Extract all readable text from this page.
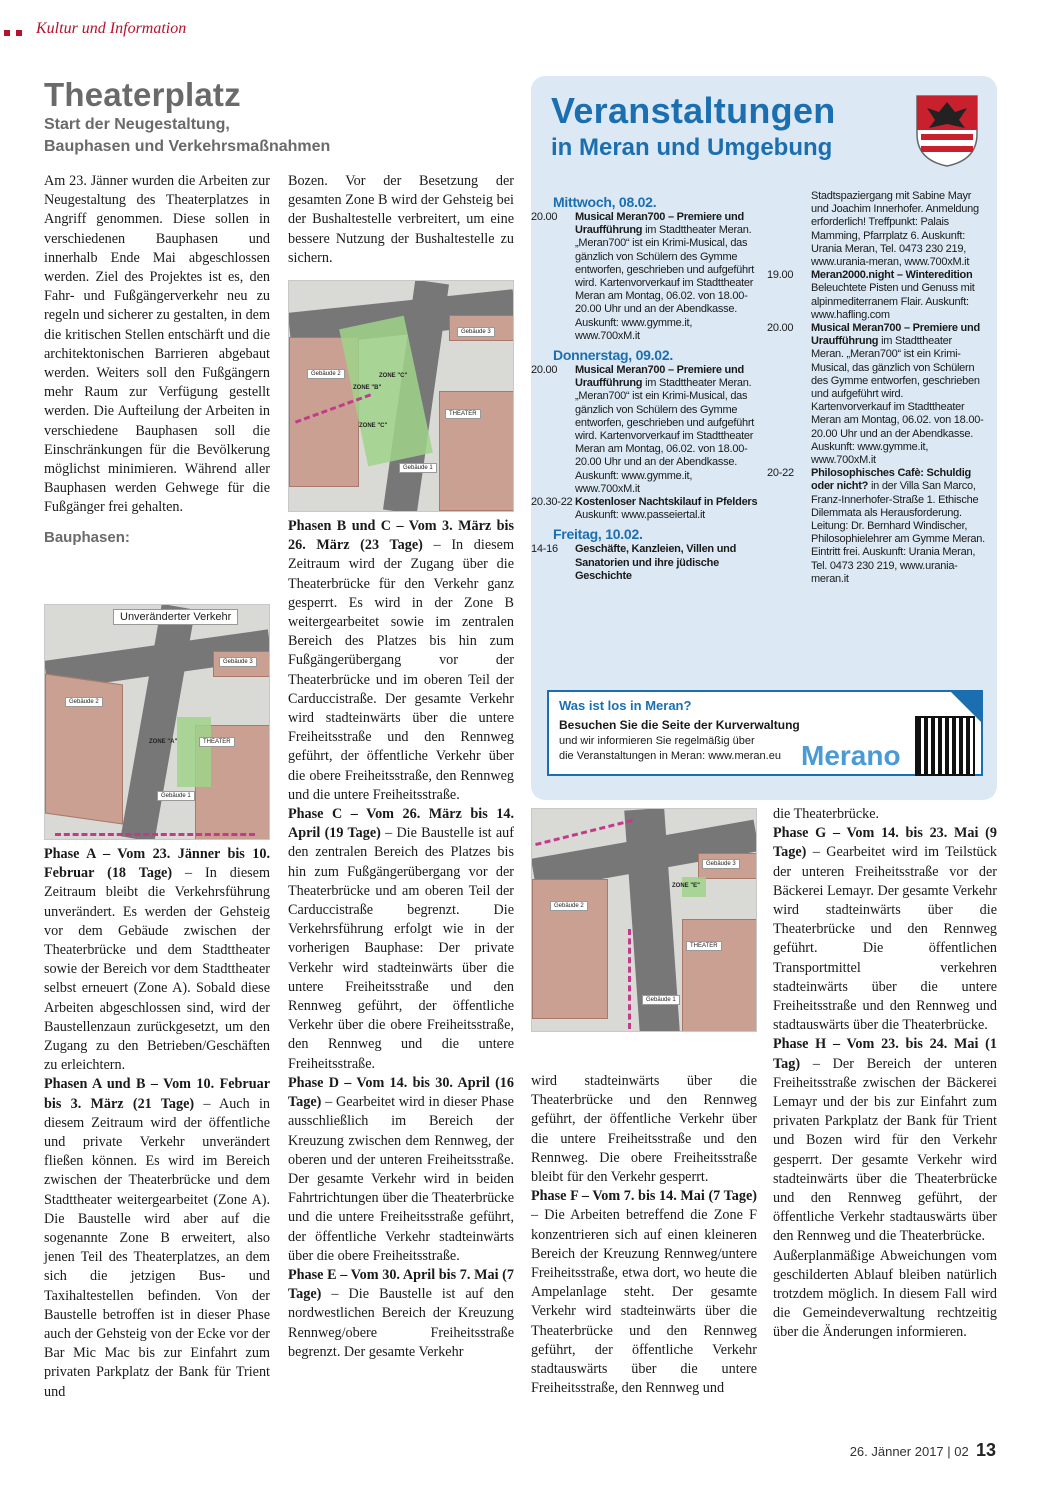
Kultur und Information
Theaterplatz
Start der Neugestaltung,
Bauphasen und Verkehrsmaßnahmen

Am 23. Jänner wurden die Arbeiten zur Neugestaltung des Theaterplatzes in Angriff genommen. Diese sollen in verschiedenen Bauphasen und innerhalb Ende Mai abgeschlossen werden. Ziel des Projektes ist es, den Fahr- und Fußgängerverkehr neu zu regeln und sicherer zu gestalten, in dem die kritischen Stellen entschärft und die architektonischen Barrieren abgebaut werden. Weiters soll den Fußgängern mehr Raum zur Verfügung gestellt werden. Die Aufteilung der Arbeiten in verschiedene Bauphasen soll die Einschränkungen für die Bevölkerung möglichst minimieren. Während aller Bauphasen werden Gehwege für die Fußgänger frei gehalten.

Bauphasen:
Unveränderter Verkehr
Gebäude 3
Gebäude 2
ZONE "A"	THEATER
Gebäude 1

Phase A – Vom 23. Jänner bis 10. Februar (18 Tage) – In diesem Zeitraum bleibt die Verkehrsführung unverändert. Es werden der Gehsteig vor dem Gebäude zwischen der Theaterbrücke und dem Stadttheater sowie der Bereich vor dem Stadttheater selbst erneuert (Zone A). Sobald diese Arbeiten abgeschlossen sind, wird der Baustellenzaun zurückgesetzt, um den Zugang zu den Betrieben/Geschäften zu erleichtern.

Phasen A und B – Vom 10. Februar bis 3. März (21 Tage) – Auch in diesem Zeitraum wird der öffentliche und private Verkehr unverändert fließen können. Es wird im Bereich zwischen der Theaterbrücke und dem Stadttheater weitergearbeitet (Zone A). Die Baustelle wird aber auf die sogenannte Zone B erweitert, also jenen Teil des Theaterplatzes, an dem sich die jetzigen Bus- und Taxihaltestellen befinden. Von der Baustelle betroffen ist in dieser Phase auch der Gehsteig von der Ecke vor der Bar Mic Mac bis zur Einfahrt zum privaten Parkplatz der Bank für Trient und

Bozen. Vor der Besetzung der gesamten Zone B wird der Gehsteig bei der Bushaltestelle verbreitert, um eine bessere Nutzung der Bushaltestelle zu sichern.

Gebäude 3
Gebäude 2	ZONE "C"
ZONE "B"
ZONE "C"
THEATER
Gebäude 1

Phasen B und C – Vom 3. März bis 26. März (23 Tage) – In diesem Zeitraum wird der Zugang über die Theaterbrücke für den Verkehr ganz gesperrt. Es wird in der Zone B weitergearbeitet sowie im zentralen Bereich des Platzes bis hin zum Fußgängerübergang vor der Theaterbrücke und im oberen Teil der Carduccistraße. Der gesamte Verkehr wird stadteinwärts über die untere Freiheitsstraße und den Rennweg geführt, der öffentliche Verkehr über die obere Freiheitsstraße, den Rennweg und die untere Freiheitsstraße.

Phase C – Vom 26. März bis 14. April (19 Tage) – Die Baustelle ist auf den zentralen Bereich des Platzes bis hin zum Fußgängerübergang vor der Theaterbrücke und am oberen Teil der Carduccistraße begrenzt. Die Verkehrsführung erfolgt wie in der vorherigen Bauphase: Der private Verkehr wird stadteinwärts über die untere Freiheitsstraße und den Rennweg geführt, der öffentliche Verkehr über die obere Freiheitsstraße, den Rennweg und die untere Freiheitsstraße.

Phase D – Vom 14. bis 30. April (16 Tage) – Gearbeitet wird in dieser Phase ausschließlich im Bereich der Kreuzung zwischen dem Rennweg, der oberen und der unteren Freiheitsstraße. Der gesamte Verkehr wird in beiden Fahrtrichtungen über die Theaterbrücke und die untere Freiheitsstraße geführt, der öffentliche Verkehr stadteinwärts über die obere Freiheitsstraße.

Phase E – Vom 30. April bis 7. Mai (7 Tage) – Die Baustelle ist auf den nordwestlichen Bereich der Kreuzung Rennweg/obere Freiheitsstraße begrenzt. Der gesamte Verkehr

Veranstaltungen
in Meran und Umgebung
Mittwoch, 08.02.
20.00	Musical Meran700 – Premiere und Uraufführung im Stadttheater Meran. „Meran700“ ist ein Krimi-Musical, das gänzlich von Schülern des Gymme entworfen, geschrieben und aufgeführt wird. Kartenvorverkauf im Stadttheater Meran am Montag, 06.02. von 18.00-20.00 Uhr und an der Abendkasse. Auskunft: www.gymme.it, www.700xM.it
Donnerstag, 09.02.
20.00	Musical Meran700 – Premiere und Uraufführung im Stadttheater Meran. „Meran700“ ist ein Krimi-Musical, das gänzlich von Schülern des Gymme entworfen, geschrieben und aufgeführt wird. Kartenvorverkauf im Stadttheater Meran am Montag, 06.02. von 18.00-20.00 Uhr und an der Abendkasse. Auskunft: www.gymme.it, www.700xM.it
20.30-22 Kostenloser Nachtskilauf in Pfelders Auskunft: www.passeiertal.it
Freitag, 10.02.
14-16	Geschäfte, Kanzleien, Villen und Sanatorien und ihre jüdische Geschichte
Stadtspaziergang mit Sabine Mayr und Joachim Innerhofer. Anmeldung erforderlich! Treffpunkt: Palais Mamming, Pfarrplatz 6. Auskunft: Urania Meran, Tel. 0473 230 219, www.urania-meran, www.700xM.it
19.00	Meran2000.night – Winteredition
Beleuchtete Pisten und Genuss mit alpinmediterranem Flair. Auskunft: www.hafling.com
20.00	Musical Meran700 – Premiere und Uraufführung im Stadttheater Meran. „Meran700“ ist ein Krimi-Musical, das gänzlich von Schülern des Gymme entworfen, geschrieben und aufgeführt wird. Kartenvorverkauf im Stadttheater Meran am Montag, 06.02. von 18.00-20.00 Uhr und an der Abendkasse. Auskunft: www.gymme.it, www.700xM.it
20-22	Philosophisches Cafè: Schuldig oder nicht? in der Villa San Marco, Franz-Innerhofer-Straße 1. Ethische Dilemmata als Herausforderung. Leitung: Dr. Bernhard Windischer, Philosophielehrer am Gymme Meran. Eintritt frei. Auskunft: Urania Meran, Tel. 0473 230 219, www.urania-meran.it
Was ist los in Meran?
Besuchen Sie die Seite der Kurverwaltung
und wir informieren Sie regelmäßig über
die Veranstaltungen in Meran: www.meran.eu Merano
Gebäude 3
ZONE "E"
Gebäude 2
THEATER
Gebäude 1

wird stadteinwärts über die Theaterbrücke und den Rennweg geführt, der öffentliche Verkehr über die untere Freiheitsstraße und den Rennweg. Die obere Freiheitsstraße bleibt für den Verkehr gesperrt.

Phase F – Vom 7. bis 14. Mai (7 Tage) – Die Arbeiten betreffend die Zone F konzentrieren sich auf einen kleineren Bereich der Kreuzung Rennweg/untere Freiheitsstraße, etwa dort, wo heute die Ampelanlage steht. Der gesamte Verkehr wird stadteinwärts über die Theaterbrücke und den Rennweg geführt, der öffentliche Verkehr stadtauswärts über die untere Freiheitsstraße, den Rennweg und

die Theaterbrücke.

Phase G – Vom 14. bis 23. Mai (9 Tage) – Gearbeitet wird im Teilstück der unteren Freiheitsstraße vor der Bäckerei Lemayr. Der gesamte Verkehr wird stadteinwärts über die Theaterbrücke und den Rennweg geführt. Die öffentlichen Transportmittel verkehren stadteinwärts über die untere Freiheitsstraße und den Rennweg und stadtauswärts über die Theaterbrücke.

Phase H – Vom 23. bis 24. Mai (1 Tag) – Der Bereich der unteren Freiheitsstraße zwischen der Bäckerei Lemayr und der bis zur Einfahrt zum privaten Parkplatz der Bank für Trient und Bozen wird für den Verkehr gesperrt. Der gesamte Verkehr wird stadteinwärts über die Theaterbrücke und den Rennweg geführt, der öffentliche Verkehr stadtauswärts über den Rennweg und die Theaterbrücke.

Außerplanmäßige Abweichungen vom geschilderten Ablauf bleiben natürlich trotzdem möglich. In diesem Fall wird die Gemeindeverwaltung rechtzeitig über die Änderungen informieren.

26. Jänner 2017 | 02 13
